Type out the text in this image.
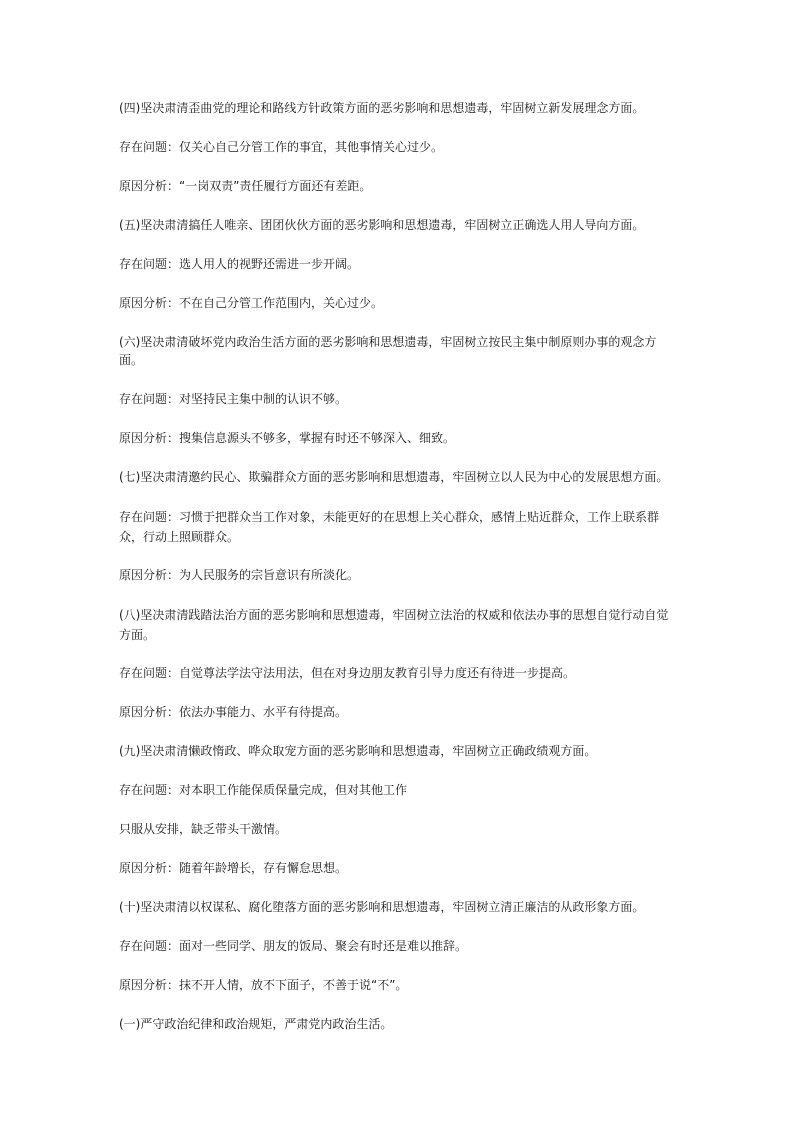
(四)坚决肃清歪曲党的理论和路线方针政策方面的恶劣影响和思想遗毒，牢固树立新发展理念方面。

存在问题：仅关心自己分管工作的事宜，其他事情关心过少。

原因分析：“一岗双责”责任履行方面还有差距。

(五)坚决肃清搞任人唯亲、团团伙伙方面的恶劣影响和思想遗毒，牢固树立正确选人用人导向方面。

存在问题：选人用人的视野还需进一步开阔。

原因分析：不在自己分管工作范围内，关心过少。

(六)坚决肃清破坏党内政治生活方面的恶劣影响和思想遗毒，牢固树立按民主集中制原则办事的观念方面。

存在问题：对坚持民主集中制的认识不够。

原因分析：搜集信息源头不够多，掌握有时还不够深入、细致。

(七)坚决肃清邀约民心、欺骗群众方面的恶劣影响和思想遗毒，牢固树立以人民为中心的发展思想方面。

存在问题：习惯于把群众当工作对象，未能更好的在思想上关心群众，感情上贴近群众，工作上联系群众，行动上照顾群众。

原因分析：为人民服务的宗旨意识有所淡化。

(八)坚决肃清践踏法治方面的恶劣影响和思想遗毒，牢固树立法治的权威和依法办事的思想自觉行动自觉方面。

存在问题：自觉尊法学法守法用法，但在对身边朋友教育引导力度还有待进一步提高。

原因分析：依法办事能力、水平有待提高。

(九)坚决肃清懒政惰政、哗众取宠方面的恶劣影响和思想遗毒，牢固树立正确政绩观方面。

存在问题：对本职工作能保质保量完成，但对其他工作

只服从安排，缺乏带头干激情。

原因分析：随着年龄增长，存有懈怠思想。

(十)坚决肃清以权谋私、腐化堕落方面的恶劣影响和思想遗毒，牢固树立清正廉洁的从政形象方面。

存在问题：面对一些同学、朋友的饭局、聚会有时还是难以推辞。

原因分析：抹不开人情，放不下面子，不善于说“不”。

(一)严守政治纪律和政治规矩，严肃党内政治生活。
